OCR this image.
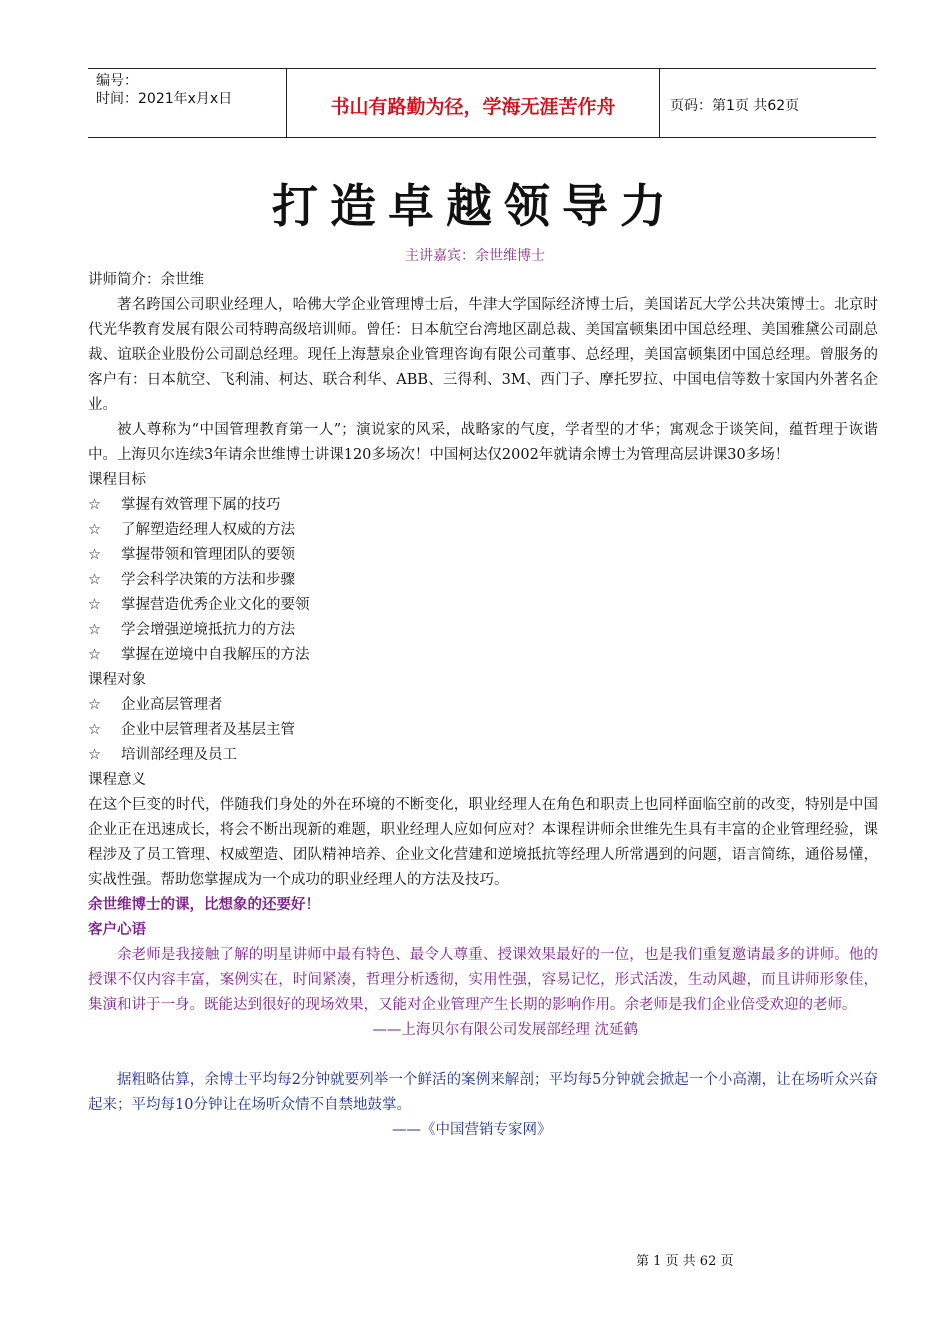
编号：
时间：2021年x月x日	书山有路勤为径，学海无涯苦作舟	页码：第1页 共62页
打造卓越领导力
主讲嘉宾：余世维博士

讲师简介：余世维

著名跨国公司职业经理人，哈佛大学企业管理博士后，牛津大学国际经济博士后，美国诺瓦大学公共决策博士。北京时代光华教育发展有限公司特聘高级培训师。曾任：日本航空台湾地区副总裁、美国富顿集团中国总经理、美国雅黛公司副总裁、谊联企业股份公司副总经理。现任上海慧泉企业管理咨询有限公司董事、总经理，美国富顿集团中国总经理。曾服务的客户有：日本航空、飞利浦、柯达、联合利华、ABB、三得利、3M、西门子、摩托罗拉、中国电信等数十家国内外著名企业。

被人尊称为“中国管理教育第一人”；演说家的风采，战略家的气度，学者型的才华；寓观念于谈笑间，蕴哲理于诙谐中。上海贝尔连续3年请余世维博士讲课120多场次！中国柯达仅2002年就请余博士为管理高层讲课30多场！

课程目标

☆	掌握有效管理下属的技巧
☆	了解塑造经理人权威的方法
☆	掌握带领和管理团队的要领
☆	学会科学决策的方法和步骤
☆	掌握营造优秀企业文化的要领
☆	学会增强逆境抵抗力的方法
☆	掌握在逆境中自我解压的方法

课程对象

☆	企业高层管理者
☆	企业中层管理者及基层主管
☆	培训部经理及员工

课程意义

在这个巨变的时代，伴随我们身处的外在环境的不断变化，职业经理人在角色和职责上也同样面临空前的改变，特别是中国企业正在迅速成长，将会不断出现新的难题，职业经理人应如何应对？本课程讲师余世维先生具有丰富的企业管理经验，课程涉及了员工管理、权威塑造、团队精神培养、企业文化营建和逆境抵抗等经理人所常遇到的问题，语言简练，通俗易懂，实战性强。帮助您掌握成为一个成功的职业经理人的方法及技巧。

余世维博士的课，比想象的还要好！

客户心语

余老师是我接触了解的明星讲师中最有特色、最令人尊重、授课效果最好的一位，也是我们重复邀请最多的讲师。他的授课不仅内容丰富，案例实在，时间紧凑，哲理分析透彻，实用性强，容易记忆，形式活泼，生动风趣，而且讲师形象佳，集演和讲于一身。既能达到很好的现场效果，又能对企业管理产生长期的影响作用。余老师是我们企业倍受欢迎的老师。

——上海贝尔有限公司发展部经理 沈延鹤

据粗略估算，余博士平均每2分钟就要列举一个鲜活的案例来解剖；平均每5分钟就会掀起一个小高潮，让在场听众兴奋起来；平均每10分钟让在场听众情不自禁地鼓掌。

——《中国营销专家网》

第 1 页 共 62 页
